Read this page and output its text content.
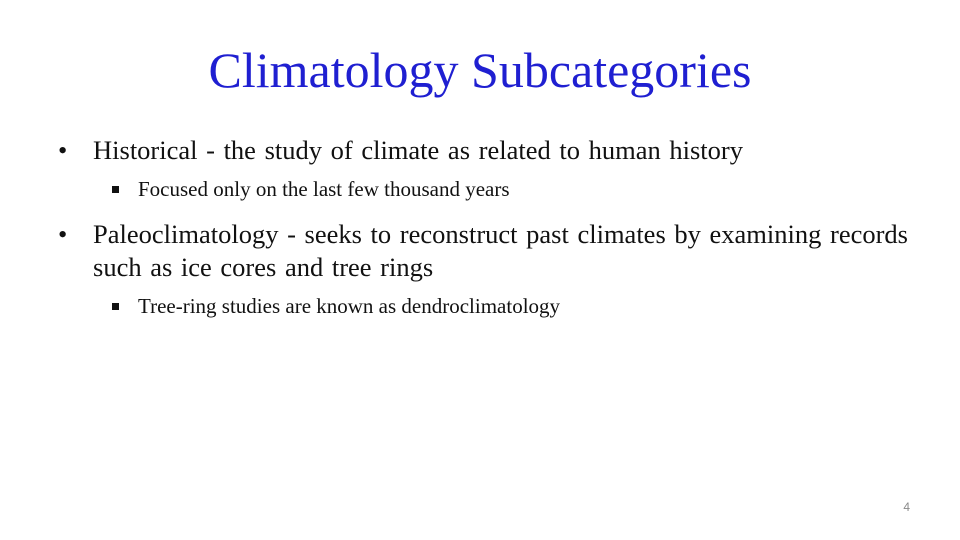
Climatology Subcategories
• Historical - the study of climate as related to human history
Focused only on the last few thousand years
• Paleoclimatology - seeks to reconstruct past climates by examining records such as ice cores and tree rings
Tree-ring studies are known as dendroclimatology
4
